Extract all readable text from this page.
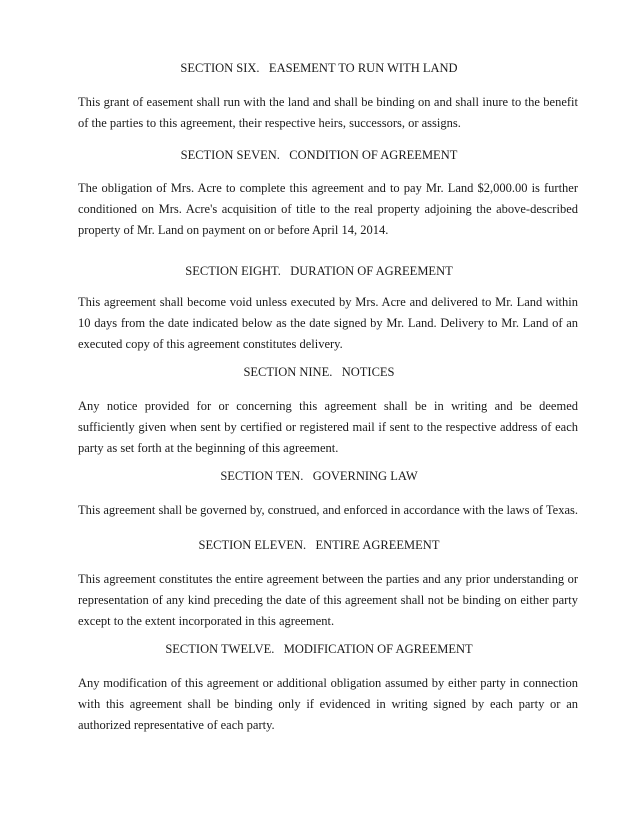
SECTION SIX.   EASEMENT TO RUN WITH LAND

This grant of easement shall run with the land and shall be binding on and shall inure to the benefit of the parties to this agreement, their respective heirs, successors, or assigns.

SECTION SEVEN.   CONDITION OF AGREEMENT

The obligation of Mrs. Acre to complete this agreement and to pay Mr. Land $2,000.00 is further conditioned on Mrs. Acre's acquisition of title to the real property adjoining the above-described property of Mr. Land on payment on or before April 14, 2014.

SECTION EIGHT.   DURATION OF AGREEMENT

This agreement shall become void unless executed by Mrs. Acre and delivered to Mr. Land within 10 days from the date indicated below as the date signed by Mr. Land. Delivery to Mr. Land of an executed copy of this agreement constitutes delivery.

SECTION NINE.   NOTICES

Any notice provided for or concerning this agreement shall be in writing and be deemed sufficiently given when sent by certified or registered mail if sent to the respective address of each party as set forth at the beginning of this agreement.

SECTION TEN.   GOVERNING LAW

This agreement shall be governed by, construed, and enforced in accordance with the laws of Texas.

SECTION ELEVEN.   ENTIRE AGREEMENT

This agreement constitutes the entire agreement between the parties and any prior understanding or representation of any kind preceding the date of this agreement shall not be binding on either party except to the extent incorporated in this agreement.

SECTION TWELVE.   MODIFICATION OF AGREEMENT

Any modification of this agreement or additional obligation assumed by either party in connection with this agreement shall be binding only if evidenced in writing signed by each party or an authorized representative of each party.
